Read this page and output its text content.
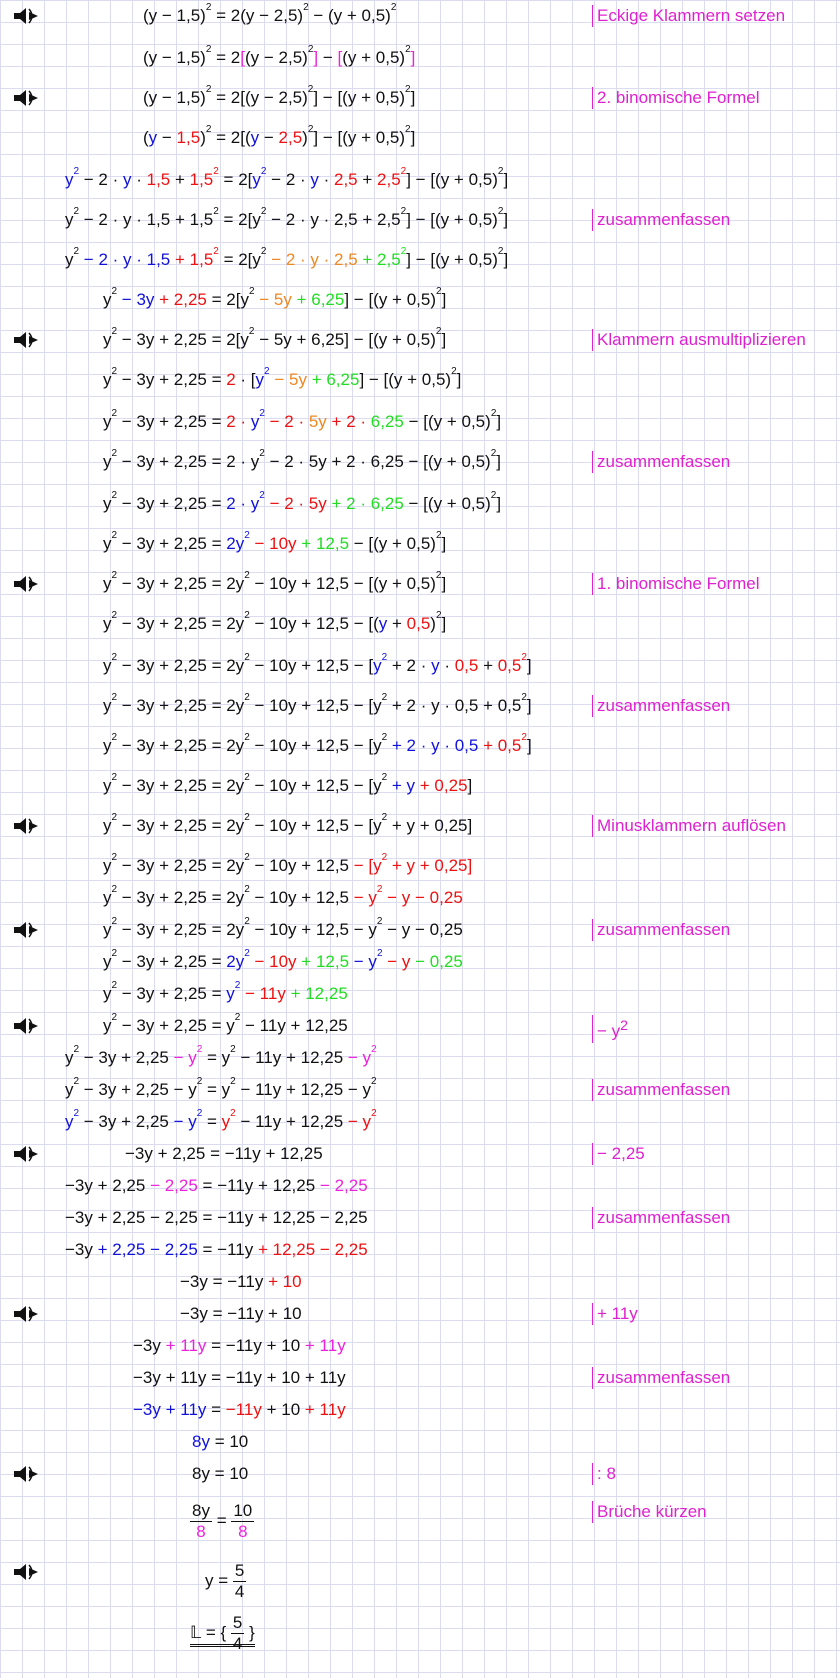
$(y - 1,5)^2 = 2(y - 2,5)^2 - (y + 0,5)^2$	Eckige Klammern setzen
$(y - 1,5)^2 = 2[(y - 2,5)^2] - [(y + 0,5)^2]$
$(y - 1,5)^2 = 2[(y - 2,5)^2] - [(y + 0,5)^2]$	2. binomische Formel
$(y - 1,5)^2 = 2[(y - 2,5)^2] - [(y + 0,5)^2]$
$y^2 - 2 \cdot y \cdot 1,5 + 1,5^2 = 2[y^2 - 2 \cdot y \cdot 2,5 + 2,5^2] - [(y + 0,5)^2]$
$y^2 - 2 \cdot y \cdot 1,5 + 1,5^2 = 2[y^2 - 2 \cdot y \cdot 2,5 + 2,5^2] - [(y + 0,5)^2]$	zusammenfassen
$y^2 - 2 \cdot y \cdot 1,5 + 1,5^2 = 2[y^2 - 2 \cdot y \cdot 2,5 + 2,5^2] - [(y + 0,5)^2]$
$y^2 - 3y + 2,25 = 2[y^2 - 5y + 6,25] - [(y + 0,5)^2]$
$y^2 - 3y + 2,25 = 2[y^2 - 5y + 6,25] - [(y + 0,5)^2]$	Klammern ausmultiplizieren
$y^2 - 3y + 2,25 = 2 \cdot [y^2 - 5y + 6,25] - [(y + 0,5)^2]$
$y^2 - 3y + 2,25 = 2 \cdot y^2 - 2 \cdot 5y + 2 \cdot 6,25 - [(y + 0,5)^2]$
$y^2 - 3y + 2,25 = 2 \cdot y^2 - 2 \cdot 5y + 2 \cdot 6,25 - [(y + 0,5)^2]$	zusammenfassen
$y^2 - 3y + 2,25 = 2 \cdot y^2 - 2 \cdot 5y + 2 \cdot 6,25 - [(y + 0,5)^2]$
$y^2 - 3y + 2,25 = 2y^2 - 10y + 12,5 - [(y + 0,5)^2]$
$y^2 - 3y + 2,25 = 2y^2 - 10y + 12,5 - [(y + 0,5)^2]$	1. binomische Formel
$y^2 - 3y + 2,25 = 2y^2 - 10y + 12,5 - [(y + 0,5)^2]$
$y^2 - 3y + 2,25 = 2y^2 - 10y + 12,5 - [y^2 + 2 \cdot y \cdot 0,5 + 0,5^2]$
$y^2 - 3y + 2,25 = 2y^2 - 10y + 12,5 - [y^2 + 2 \cdot y \cdot 0,5 + 0,5^2]$	zusammenfassen
$y^2 - 3y + 2,25 = 2y^2 - 10y + 12,5 - [y^2 + 2 \cdot y \cdot 0,5 + 0,5^2]$
$y^2 - 3y + 2,25 = 2y^2 - 10y + 12,5 - [y^2 + y + 0,25]$
$y^2 - 3y + 2,25 = 2y^2 - 10y + 12,5 - [y^2 + y + 0,25]$	Minusklammern auflösen
$y^2 - 3y + 2,25 = 2y^2 - 10y + 12,5 - [y^2 + y + 0,25]$
$y^2 - 3y + 2,25 = 2y^2 - 10y + 12,5 - y^2 - y - 0,25$
$y^2 - 3y + 2,25 = 2y^2 - 10y + 12,5 - y^2 - y - 0,25$	zusammenfassen
$y^2 - 3y + 2,25 = 2y^2 - 10y + 12,5 - y^2 - y - 0,25$
$y^2 - 3y + 2,25 = y^2 - 11y + 12,25$
$y^2 - 3y + 2,25 = y^2 - 11y + 12,25$	− $y^2$
$y^2 - 3y + 2,25 - y^2 = y^2 - 11y + 12,25 - y^2$
$y^2 - 3y + 2,25 - y^2 = y^2 - 11y + 12,25 - y^2$	zusammenfassen
$y^2 - 3y + 2,25 - y^2 = y^2 - 11y + 12,25 - y^2$
−3y + 2,25 = −11y + 12,25	− 2,25
−3y + 2,25 − 2,25 = −11y + 12,25 − 2,25
−3y + 2,25 − 2,25 = −11y + 12,25 − 2,25	zusammenfassen
−3y + 2,25 − 2,25 = −11y + 12,25 − 2,25
−3y = −11y + 10
−3y = −11y + 10	+ 11y
−3y + 11y = −11y + 10 + 11y
−3y + 11y = −11y + 10 + 11y	zusammenfassen
−3y + 11y = −11y + 10 + 11y
8y = 10
8y = 10	: 8
$\frac{8y}{8} = \frac{10}{8}$	Brüche kürzen
$y = \frac{5}{4}$
𝕃 = { $\frac{5}{4}$ }
